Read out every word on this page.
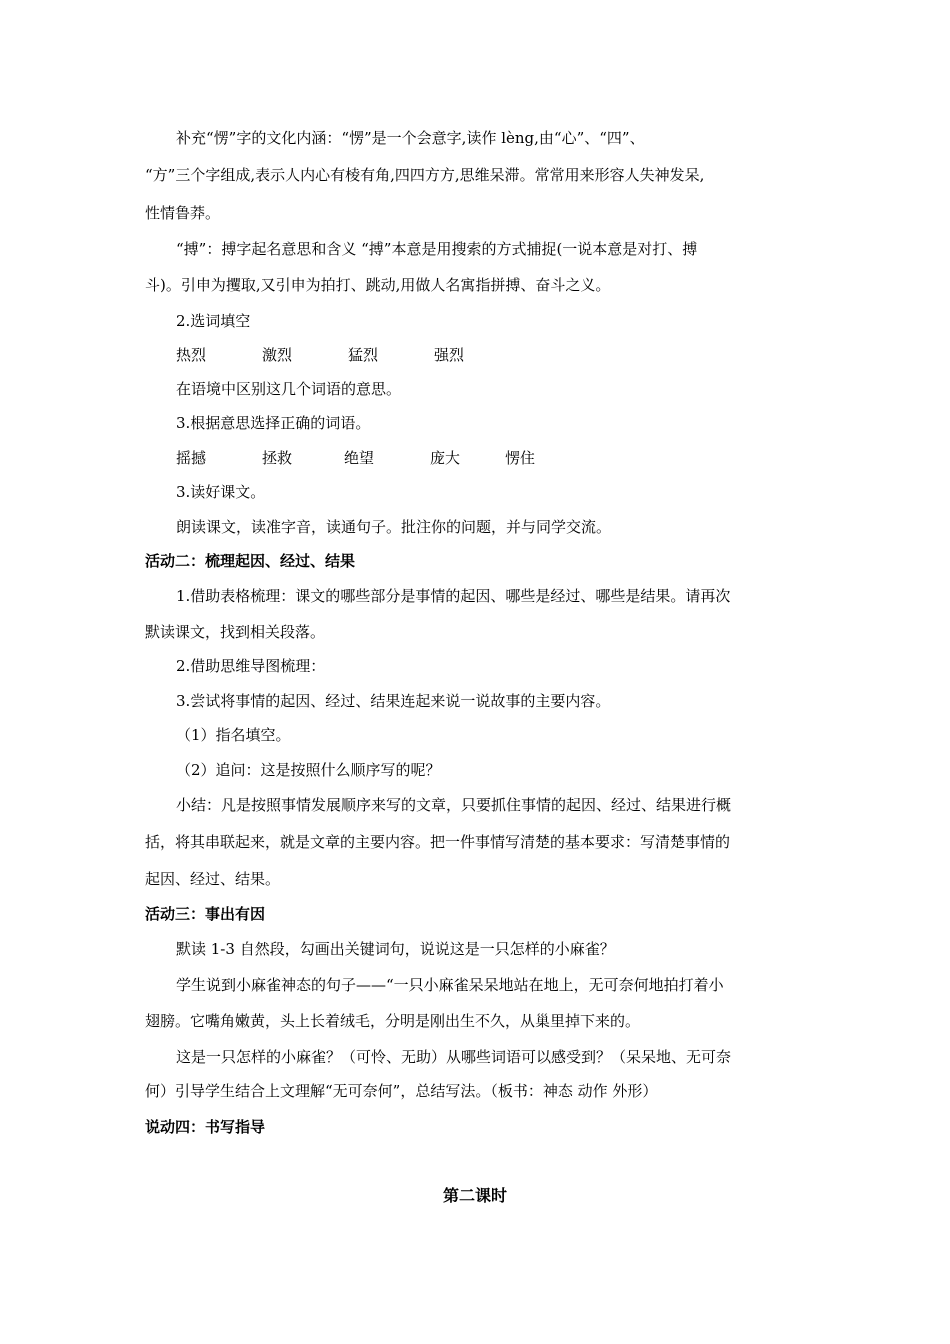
补充“愣”字的文化内涵：“愣”是一个会意字,读作 lèng,由“心”、“四”、
“方”三个字组成,表示人内心有棱有角,四四方方,思维呆滞。常常用来形容人失神发呆,
性情鲁莽。
“搏”：搏字起名意思和含义 “搏”本意是用搜索的方式捕捉(一说本意是对打、搏
斗)。引申为攫取,又引申为拍打、跳动,用做人名寓指拼搏、奋斗之义。
2.选词填空
热烈	激烈	猛烈	强烈
在语境中区别这几个词语的意思。
3.根据意思选择正确的词语。
摇撼	拯救	绝望	庞大	愣住
3.读好课文。
朗读课文，读准字音，读通句子。批注你的问题，并与同学交流。
活动二：梳理起因、经过、结果
1.借助表格梳理：课文的哪些部分是事情的起因、哪些是经过、哪些是结果。请再次
默读课文，找到相关段落。
2.借助思维导图梳理：
3.尝试将事情的起因、经过、结果连起来说一说故事的主要内容。
（1）指名填空。
（2）追问：这是按照什么顺序写的呢？
小结：凡是按照事情发展顺序来写的文章，只要抓住事情的起因、经过、结果进行概
括，将其串联起来，就是文章的主要内容。把一件事情写清楚的基本要求：写清楚事情的
起因、经过、结果。
活动三：事出有因
默读 1-3 自然段，勾画出关键词句，说说这是一只怎样的小麻雀？
学生说到小麻雀神态的句子——“一只小麻雀呆呆地站在地上，无可奈何地拍打着小
翅膀。它嘴角嫩黄，头上长着绒毛，分明是刚出生不久，从巢里掉下来的。
这是一只怎样的小麻雀？（可怜、无助）从哪些词语可以感受到？（呆呆地、无可奈
何）引导学生结合上文理解“无可奈何”，总结写法。（板书：神态 动作 外形）
说动四：书写指导
第二课时
